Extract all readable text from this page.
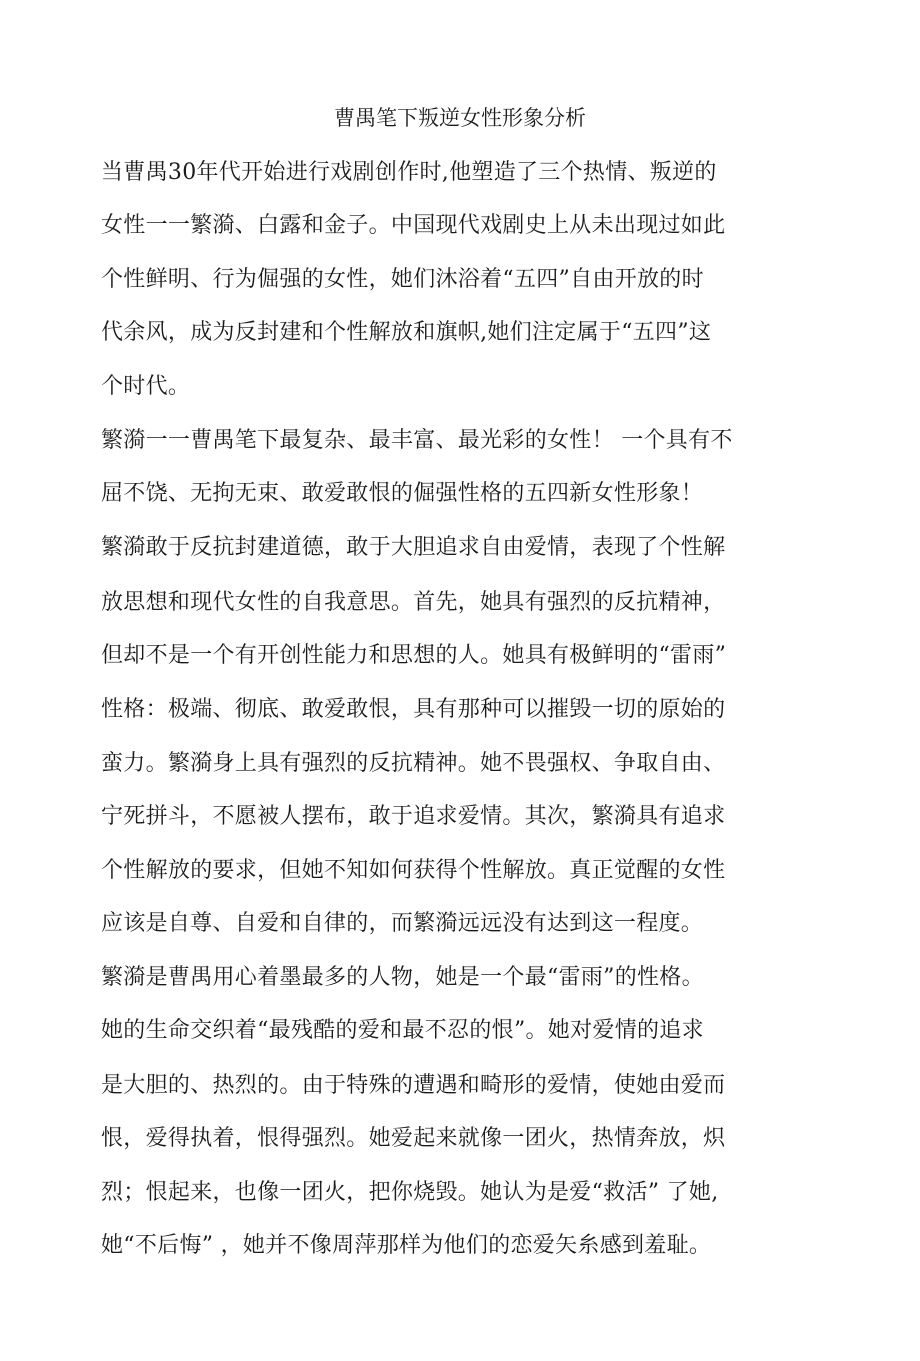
曹禺笔下叛逆女性形象分析
当曹禺30年代开始进行戏剧创作时,他塑造了三个热情、叛逆的
女性一一繁漪、白露和金子。中国现代戏剧史上从未出现过如此
个性鲜明、行为倔强的女性，她们沐浴着“五四”自由开放的时
代余风，成为反封建和个性解放和旗帜,她们注定属于“五四”这
个时代。
繁漪一一曹禺笔下最复杂、最丰富、最光彩的女性！ 一个具有不
屈不饶、无拘无束、敢爱敢恨的倔强性格的五四新女性形象！
繁漪敢于反抗封建道德，敢于大胆追求自由爱情，表现了个性解
放思想和现代女性的自我意思。首先，她具有强烈的反抗精神，
但却不是一个有开创性能力和思想的人。她具有极鲜明的“雷雨”
性格：极端、彻底、敢爱敢恨，具有那种可以摧毁一切的原始的
蛮力。繁漪身上具有强烈的反抗精神。她不畏强权、争取自由、
宁死拼斗，不愿被人摆布，敢于追求爱情。其次，繁漪具有追求
个性解放的要求，但她不知如何获得个性解放。真正觉醒的女性
应该是自尊、自爱和自律的，而繁漪远远没有达到这一程度。
繁漪是曹禺用心着墨最多的人物，她是一个最“雷雨”的性格。
她的生命交织着“最残酷的爱和最不忍的恨”。她对爱情的追求
是大胆的、热烈的。由于特殊的遭遇和畸形的爱情，使她由爱而
恨，爱得执着，恨得强烈。她爱起来就像一团火，热情奔放，炽
烈；恨起来，也像一团火，把你烧毁。她认为是爱“救活” 了她,
她“不后悔” ，她并不像周萍那样为他们的恋爱矢糸感到羞耻。
